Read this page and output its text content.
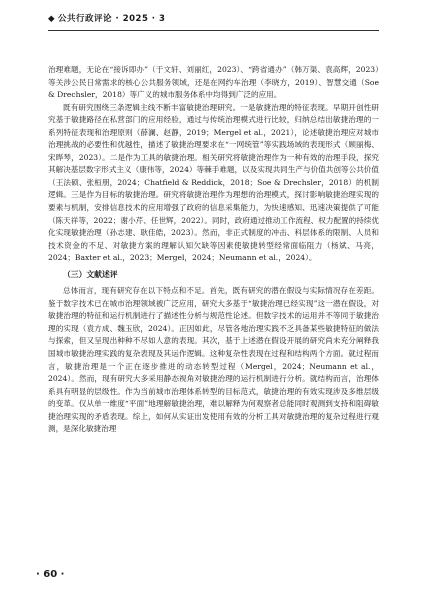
◆ 公共行政评论 · 2025 · 3

治理难题，无论在“接诉即办”（于文轩、刘丽红，2023）、“跨省通办”（韩万渠、袁高辉，2023）等关涉公民日常需求的核心公共服务领域，还是在网约车治理（李晓方，2019）、智慧交通（Soe & Drechsler，2018）等广义的城市服务体系中均得到广泛的应用。

既有研究围绕三条逻辑主线不断丰富敏捷治理研究。一是敏捷治理的特征表现。早期开创性研究基于敏捷路径在私营部门的应用经验，通过与传统治理模式进行比较，归纳总结出敏捷治理的一系列特征表现和治理原则（薛澜、赵静，2019；Mergel et al.，2021），论述敏捷治理应对城市治理挑战的必要性和优越性，描述了敏捷治理要求在“一网统管”等实践场域的表现形式（顾丽梅、宋晔琴，2023）。二是作为工具的敏捷治理。相关研究将敏捷治理作为一种有效的治理手段，探究其解决基层数字形式主义（康伟等，2024）等棘手难题，以及实现共同生产与价值共创等公共价值（王法硕、张桓朋，2024；Chatfield & Reddick，2018；Soe & Drechsler，2018）的机制逻辑。三是作为目标的敏捷治理。研究将敏捷治理作为理想的治理模式，探讨影响敏捷治理实现的要素与机制，安排信息技术的应用增强了政府的信息采集能力，为快速感知、迅速决策提供了可能（陈天祥等，2022；谢小芹、任世辉，2022）。同时，政府通过推动工作流程、权力配置的持续优化实现敏捷治理（孙志建、耿佳皓，2023）。然而，非正式制度的冲击、科层体系的限制、人员和技术资金的不足、对敏捷方案的理解认知欠缺等因素使敏捷转型经常面临阻力（杨斌、马亮，2024；Baxter et al.，2023；Mergel，2024；Neumann et al.，2024）。

（三）文献述评

总体而言，现有研究存在以下特点和不足。首先，既有研究的潜在假设与实际情况存在差距。鉴于数字技术已在城市治理领域被广泛应用，研究大多基于“敏捷治理已经实现”这一潜在假设，对敏捷治理的特征和运行机制进行了描述性分析与规范性论述。但数字技术的运用并不等同于敏捷治理的实现（袁方成、魏玉欣，2024）。正因如此，尽管各地治理实践不乏具备某些敏捷特征的做法与探索，但又呈现出种种不尽如人意的表现。其次，基于上述潜在假设开展的研究尚未充分阐释我国城市敏捷治理实践的复杂表现及其运作逻辑。这种复杂性表现在过程和结构两个方面。就过程而言，敏捷治理是一个正在逐步推进的动态转型过程（Mergel，2024；Neumann et al.，2024）。然而，现有研究大多采用静态视角对敏捷治理的运行机制进行分析。就结构而言，治理体系具有明显的层级性。作为当前城市治理体系转型的目标范式，敏捷治理的有效实现涉及多维层级的变革。仅从单一维度“平面”地理解敏捷治理，难以解释为何观察者总能同时观测到支持和阻碍敏捷治理实现的矛盾表现。综上，如何从实证出发使用有效的分析工具对敏捷治理的复杂过程进行观测，是深化敏捷治理

· 60 ·
